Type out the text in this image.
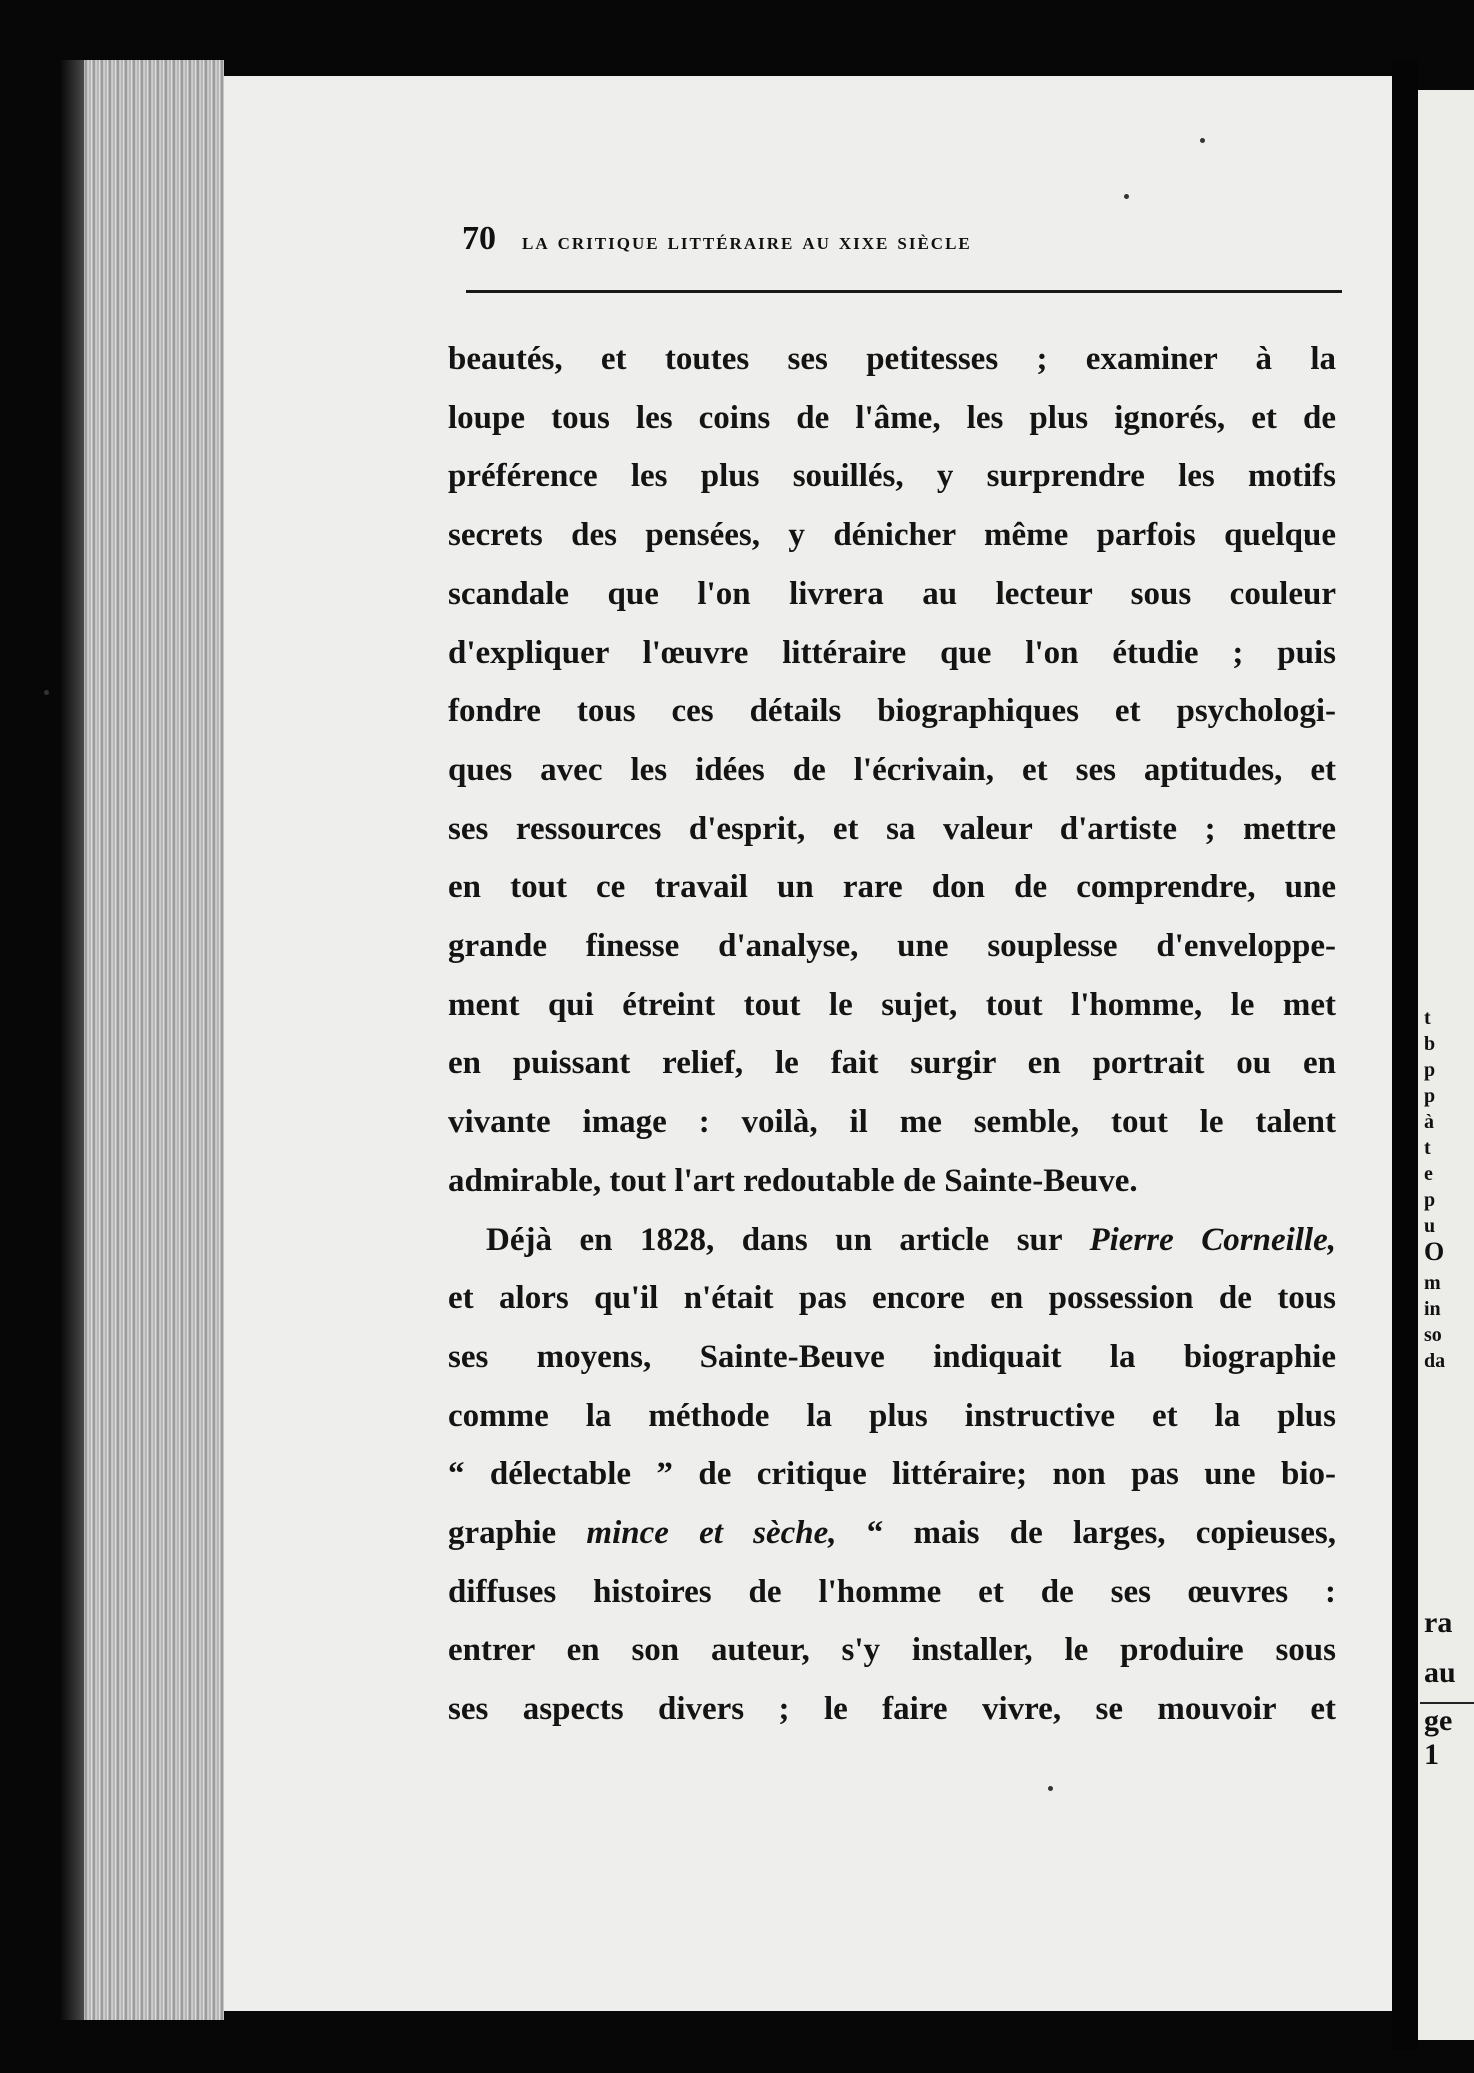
t
b
p
p
à
t
e
p
u
O
m
in
so
da
ra
au
ge
1
70 la critique littéraire au xixe siècle
beautés, et toutes ses petitesses ; examiner à la
loupe tous les coins de l'âme, les plus ignorés, et de
préférence les plus souillés, y surprendre les motifs
secrets des pensées, y dénicher même parfois quelque
scandale que l'on livrera au lecteur sous couleur
d'expliquer l'œuvre littéraire que l'on étudie ; puis
fondre tous ces détails biographiques et psychologi-
ques avec les idées de l'écrivain, et ses aptitudes, et
ses ressources d'esprit, et sa valeur d'artiste ; mettre
en tout ce travail un rare don de comprendre, une
grande finesse d'analyse, une souplesse d'enveloppe-
ment qui étreint tout le sujet, tout l'homme, le met
en puissant relief, le fait surgir en portrait ou en
vivante image : voilà, il me semble, tout le talent
admirable, tout l'art redoutable de Sainte-Beuve.
Déjà en 1828, dans un article sur Pierre Corneille,
et alors qu'il n'était pas encore en possession de tous
ses moyens, Sainte-Beuve indiquait la biographie
comme la méthode la plus instructive et la plus
“ délectable ” de critique littéraire; non pas une bio-
graphie mince et sèche, “ mais de larges, copieuses,
diffuses histoires de l'homme et de ses œuvres :
entrer en son auteur, s'y installer, le produire sous
ses aspects divers ; le faire vivre, se mouvoir et
